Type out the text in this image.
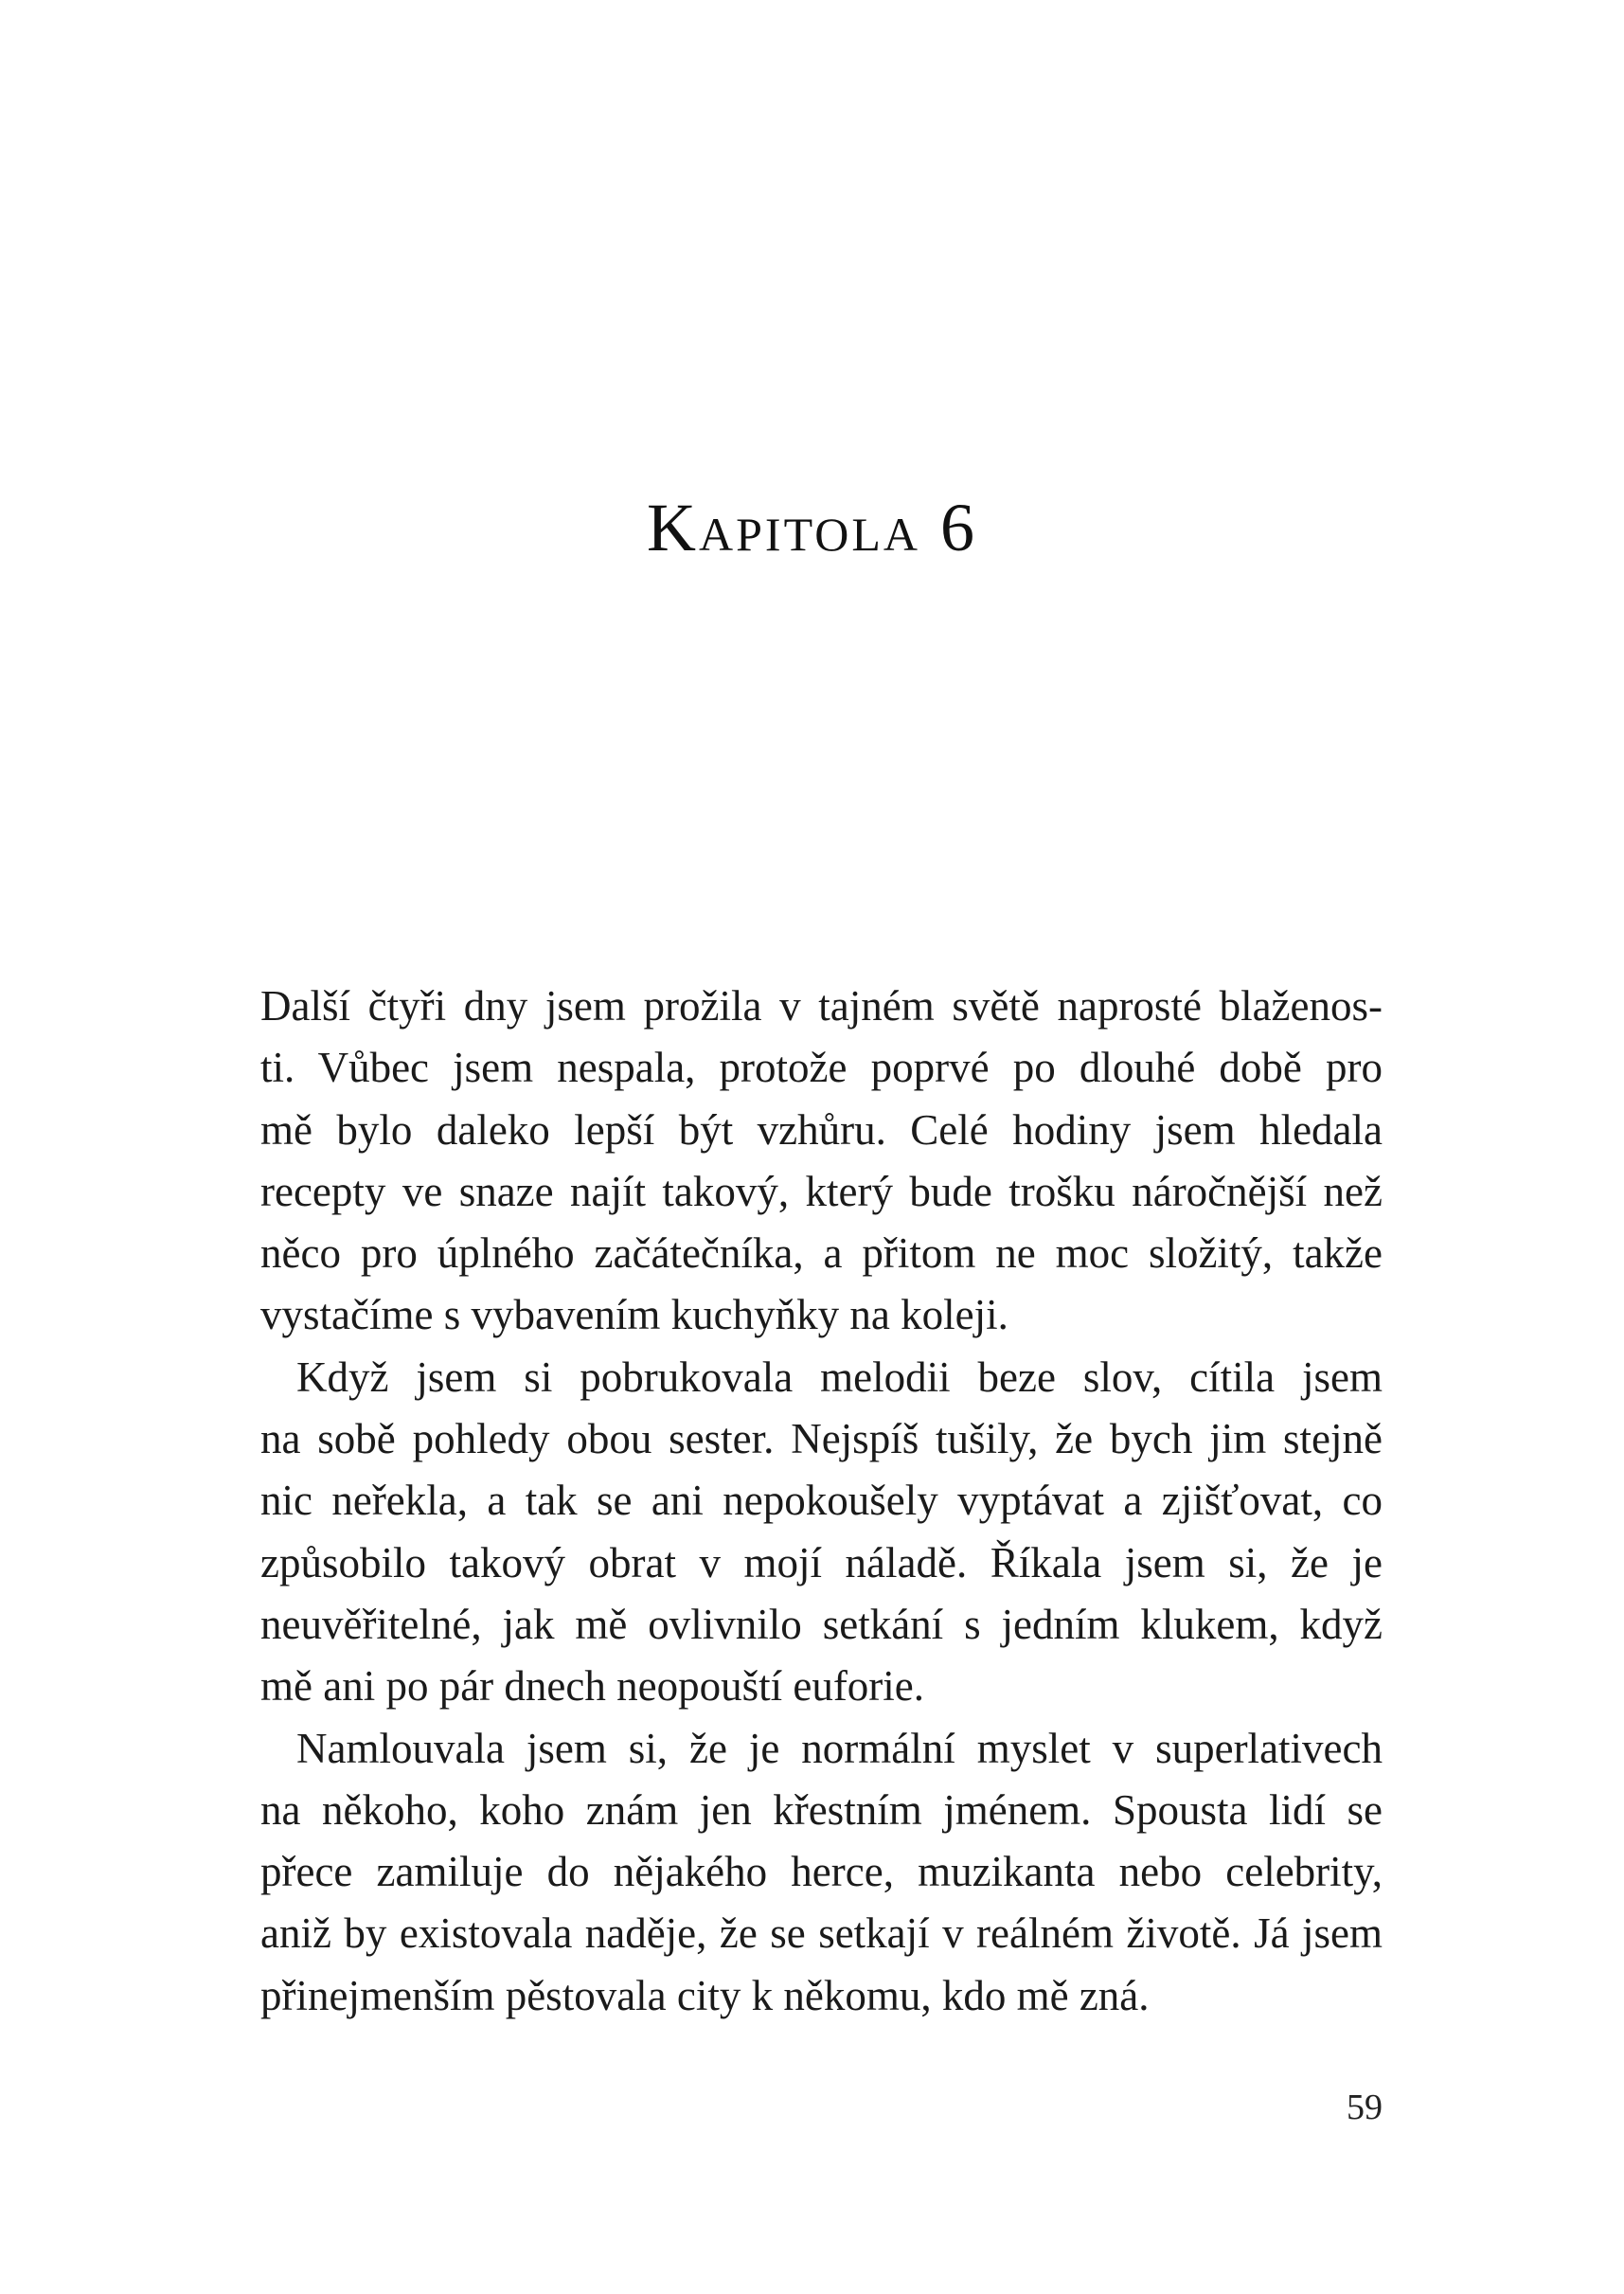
Kapitola 6

Další čtyři dny jsem prožila v tajném světě naprosté blaženos-
ti. Vůbec jsem nespala, protože poprvé po dlouhé době pro
mě bylo daleko lepší být vzhůru. Celé hodiny jsem hledala
recepty ve snaze najít takový, který bude trošku náročnější než
něco pro úplného začátečníka, a přitom ne moc složitý, takže
vystačíme s vybavením kuchyňky na koleji.

Když jsem si pobrukovala melodii beze slov, cítila jsem
na sobě pohledy obou sester. Nejspíš tušily, že bych jim stejně
nic neřekla, a tak se ani nepokoušely vyptávat a zjišťovat, co
způsobilo takový obrat v mojí náladě. Říkala jsem si, že je
neuvěřitelné, jak mě ovlivnilo setkání s jedním klukem, když
mě ani po pár dnech neopouští euforie.

Namlouvala jsem si, že je normální myslet v superlativech
na někoho, koho znám jen křestním jménem. Spousta lidí se
přece zamiluje do nějakého herce, muzikanta nebo celebrity,
aniž by existovala naděje, že se setkají v reálném životě. Já jsem
přinejmenším pěstovala city k někomu, kdo mě zná.

59
